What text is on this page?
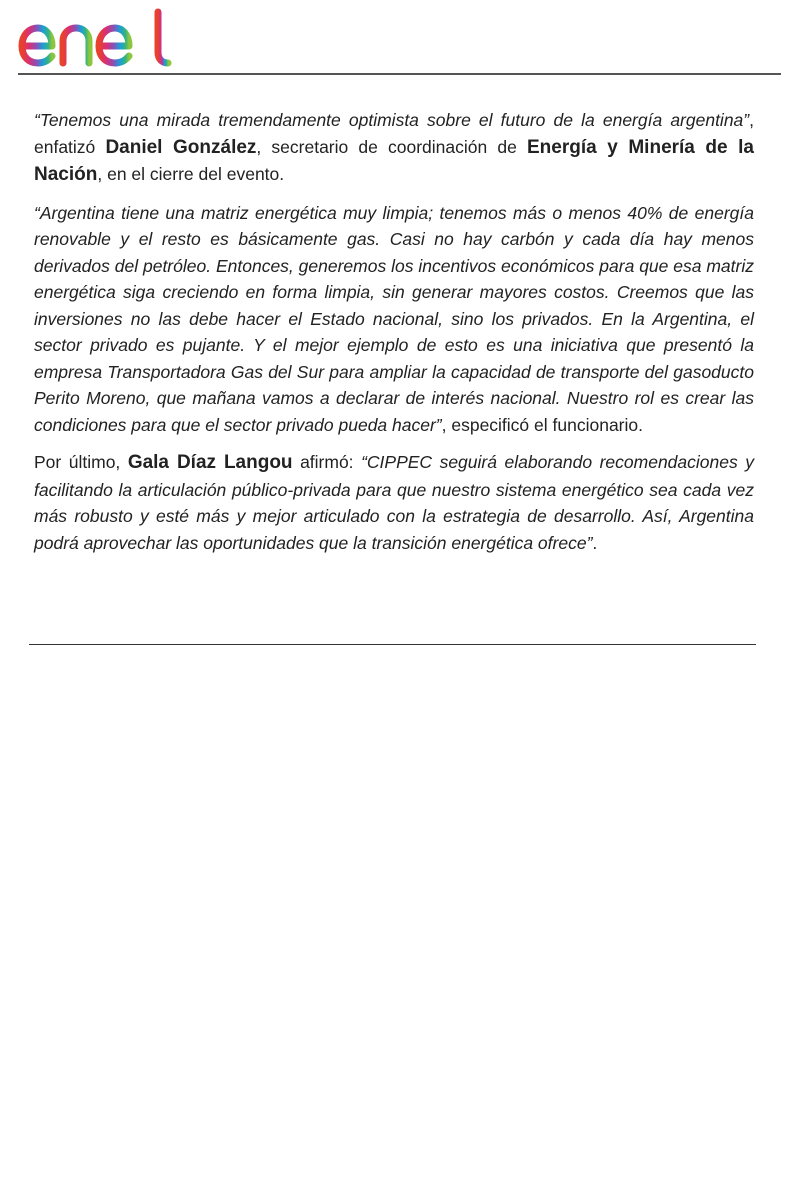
“Tenemos una mirada tremendamente optimista sobre el futuro de la energía argentina”, enfatizó Daniel González, secretario de coordinación de Energía y Minería de la Nación, en el cierre del evento.

“Argentina tiene una matriz energética muy limpia; tenemos más o menos 40% de energía renovable y el resto es básicamente gas. Casi no hay carbón y cada día hay menos derivados del petróleo. Entonces, generemos los incentivos económicos para que esa matriz energética siga creciendo en forma limpia, sin generar mayores costos. Creemos que las inversiones no las debe hacer el Estado nacional, sino los privados. En la Argentina, el sector privado es pujante. Y el mejor ejemplo de esto es una iniciativa que presentó la empresa Transportadora Gas del Sur para ampliar la capacidad de transporte del gasoducto Perito Moreno, que mañana vamos a declarar de interés nacional. Nuestro rol es crear las condiciones para que el sector privado pueda hacer”, especificó el funcionario.

Por último, Gala Díaz Langou afirmó: “CIPPEC seguirá elaborando recomendaciones y facilitando la articulación público-privada para que nuestro sistema energético sea cada vez más robusto y esté más y mejor articulado con la estrategia de desarrollo. Así, Argentina podrá aprovechar las oportunidades que la transición energética ofrece”.
